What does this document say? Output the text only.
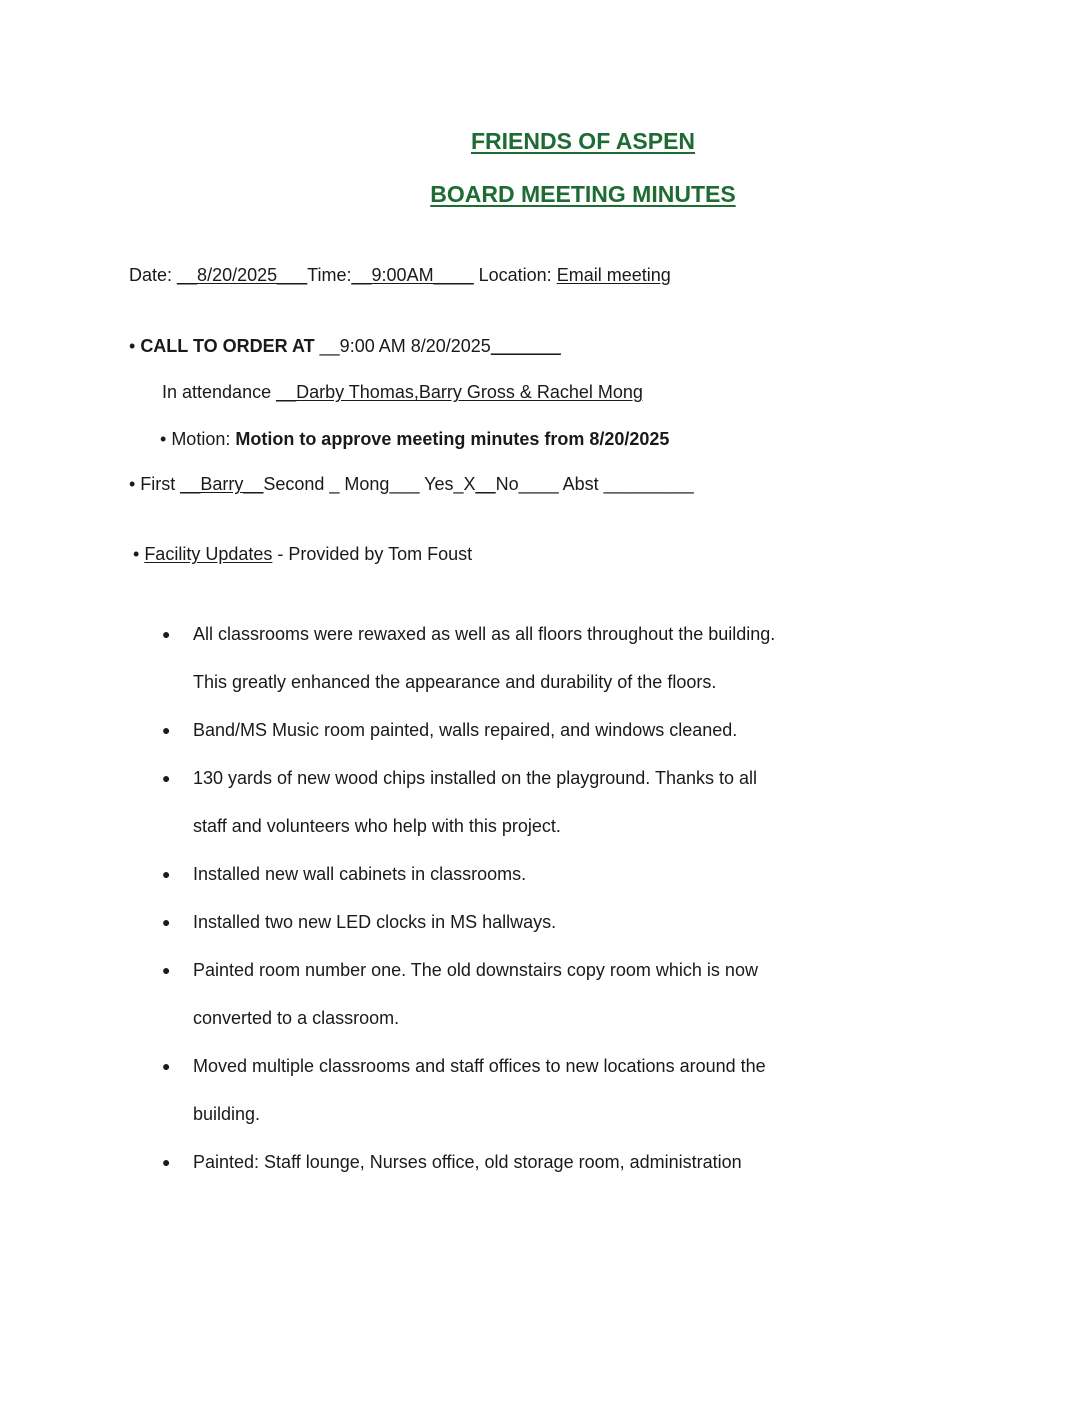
FRIENDS OF ASPEN
BOARD MEETING MINUTES

Date: __8/20/2025___Time:__9:00AM____ Location: Email meeting

• CALL TO ORDER AT __9:00 AM 8/20/2025_______

In attendance __Darby Thomas,Barry Gross & Rachel Mong

• Motion: Motion to approve meeting minutes from 8/20/2025

• First __Barry__Second _ Mong___ Yes_X__No____ Abst _________

• Facility Updates - Provided by Tom Foust

● All classrooms were rewaxed as well as all floors throughout the building.
This greatly enhanced the appearance and durability of the floors.
● Band/MS Music room painted, walls repaired, and windows cleaned.
● 130 yards of new wood chips installed on the playground. Thanks to all
staff and volunteers who help with this project.
● Installed new wall cabinets in classrooms.
● Installed two new LED clocks in MS hallways.
● Painted room number one. The old downstairs copy room which is now
converted to a classroom.
● Moved multiple classrooms and staff offices to new locations around the
building.
● Painted: Staff lounge, Nurses office, old storage room, administration
